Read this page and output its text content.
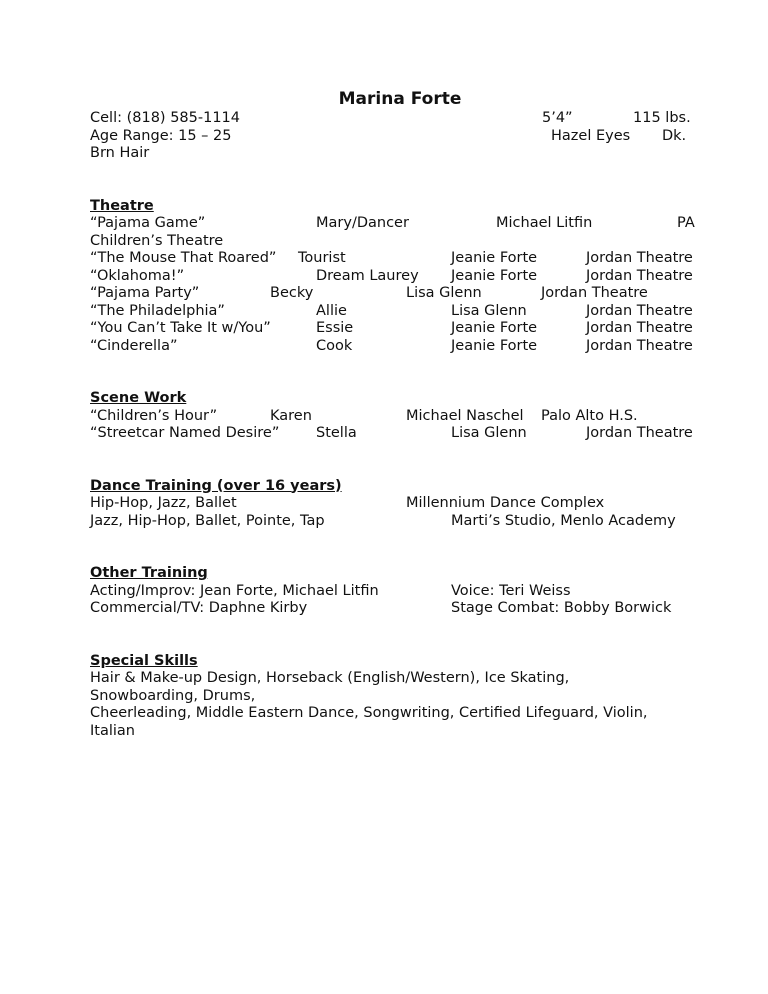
Marina Forte
Cell: (818) 585-1114	5’4”	115 lbs.
Age Range: 15 – 25	Hazel Eyes Dk.
Brn Hair
Theatre
“Pajama Game”	Mary/Dancer	Michael Litfin	PA
Children’s Theatre
“The Mouse That Roared” Tourist	Jeanie Forte	Jordan Theatre
“Oklahoma!”	Dream Laurey Jeanie Forte	Jordan Theatre
“Pajama Party”	Becky	Lisa Glenn	Jordan Theatre
“The Philadelphia”	Allie	Lisa Glenn	Jordan Theatre
“You Can’t Take It w/You”	Essie	Jeanie Forte	Jordan Theatre
“Cinderella”	Cook	Jeanie Forte	Jordan Theatre
Scene Work
“Children’s Hour”	Karen	Michael Naschel Palo Alto H.S.
“Streetcar Named Desire”	Stella	Lisa Glenn	Jordan Theatre
Dance Training (over 16 years)
Hip-Hop, Jazz, Ballet	Millennium Dance Complex
Jazz, Hip-Hop, Ballet, Pointe, Tap	Marti’s Studio, Menlo Academy
Other Training
Acting/Improv: Jean Forte, Michael Litfin	Voice: Teri Weiss
Commercial/TV: Daphne Kirby	Stage Combat: Bobby Borwick
Special Skills
Hair & Make-up Design, Horseback (English/Western), Ice Skating,
Snowboarding, Drums,
Cheerleading, Middle Eastern Dance, Songwriting, Certified Lifeguard, Violin,
Italian
